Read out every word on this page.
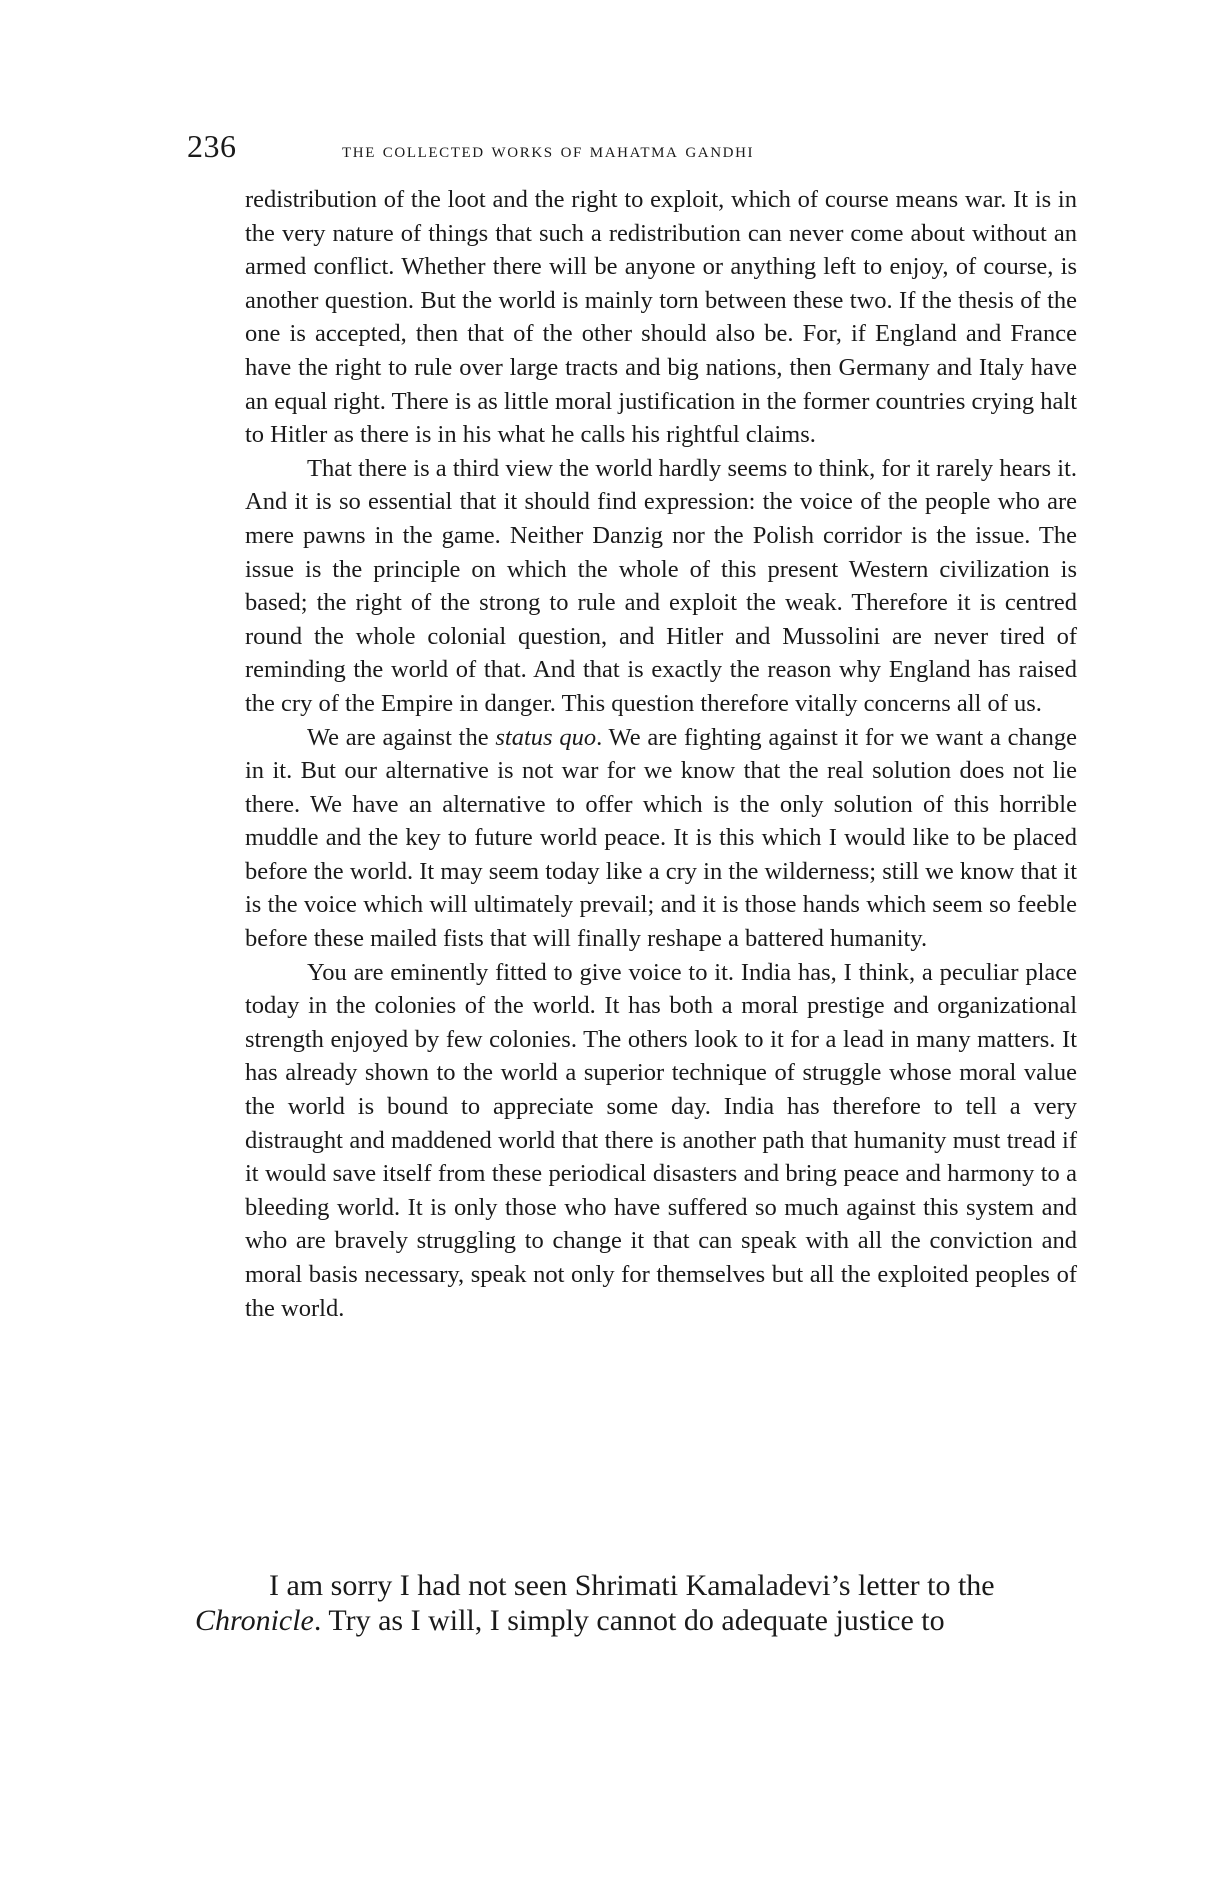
236	the collected works of mahatma gandhi

redistribution of the loot and the right to exploit, which of course means war. It is in the very nature of things that such a redistribution can never come about without an armed conflict. Whether there will be anyone or anything left to enjoy, of course, is another question. But the world is mainly torn between these two. If the thesis of the one is accepted, then that of the other should also be. For, if England and France have the right to rule over large tracts and big nations, then Germany and Italy have an equal right. There is as little moral justification in the former countries crying halt to Hitler as there is in his what he calls his rightful claims.

That there is a third view the world hardly seems to think, for it rarely hears it. And it is so essential that it should find expression: the voice of the people who are mere pawns in the game. Neither Danzig nor the Polish corridor is the issue. The issue is the principle on which the whole of this present Western civilization is based; the right of the strong to rule and exploit the weak. Therefore it is centred round the whole colonial question, and Hitler and Mussolini are never tired of reminding the world of that. And that is exactly the reason why England has raised the cry of the Empire in danger. This question therefore vitally concerns all of us.

We are against the status quo. We are fighting against it for we want a change in it. But our alternative is not war for we know that the real solution does not lie there. We have an alternative to offer which is the only solution of this horrible muddle and the key to future world peace. It is this which I would like to be placed before the world. It may seem today like a cry in the wilderness; still we know that it is the voice which will ultimately prevail; and it is those hands which seem so feeble before these mailed fists that will finally reshape a battered humanity.

You are eminently fitted to give voice to it. India has, I think, a peculiar place today in the colonies of the world. It has both a moral prestige and organizational strength enjoyed by few colonies. The others look to it for a lead in many matters. It has already shown to the world a superior technique of struggle whose moral value the world is bound to appreciate some day. India has therefore to tell a very distraught and maddened world that there is another path that humanity must tread if it would save itself from these periodical disasters and bring peace and harmony to a bleeding world. It is only those who have suffered so much against this system and who are bravely struggling to change it that can speak with all the conviction and moral basis necessary, speak not only for themselves but all the exploited peoples of the world.

I am sorry I had not seen Shrimati Kamaladevi’s letter to the
Chronicle. Try as I will, I simply cannot do adequate justice to
